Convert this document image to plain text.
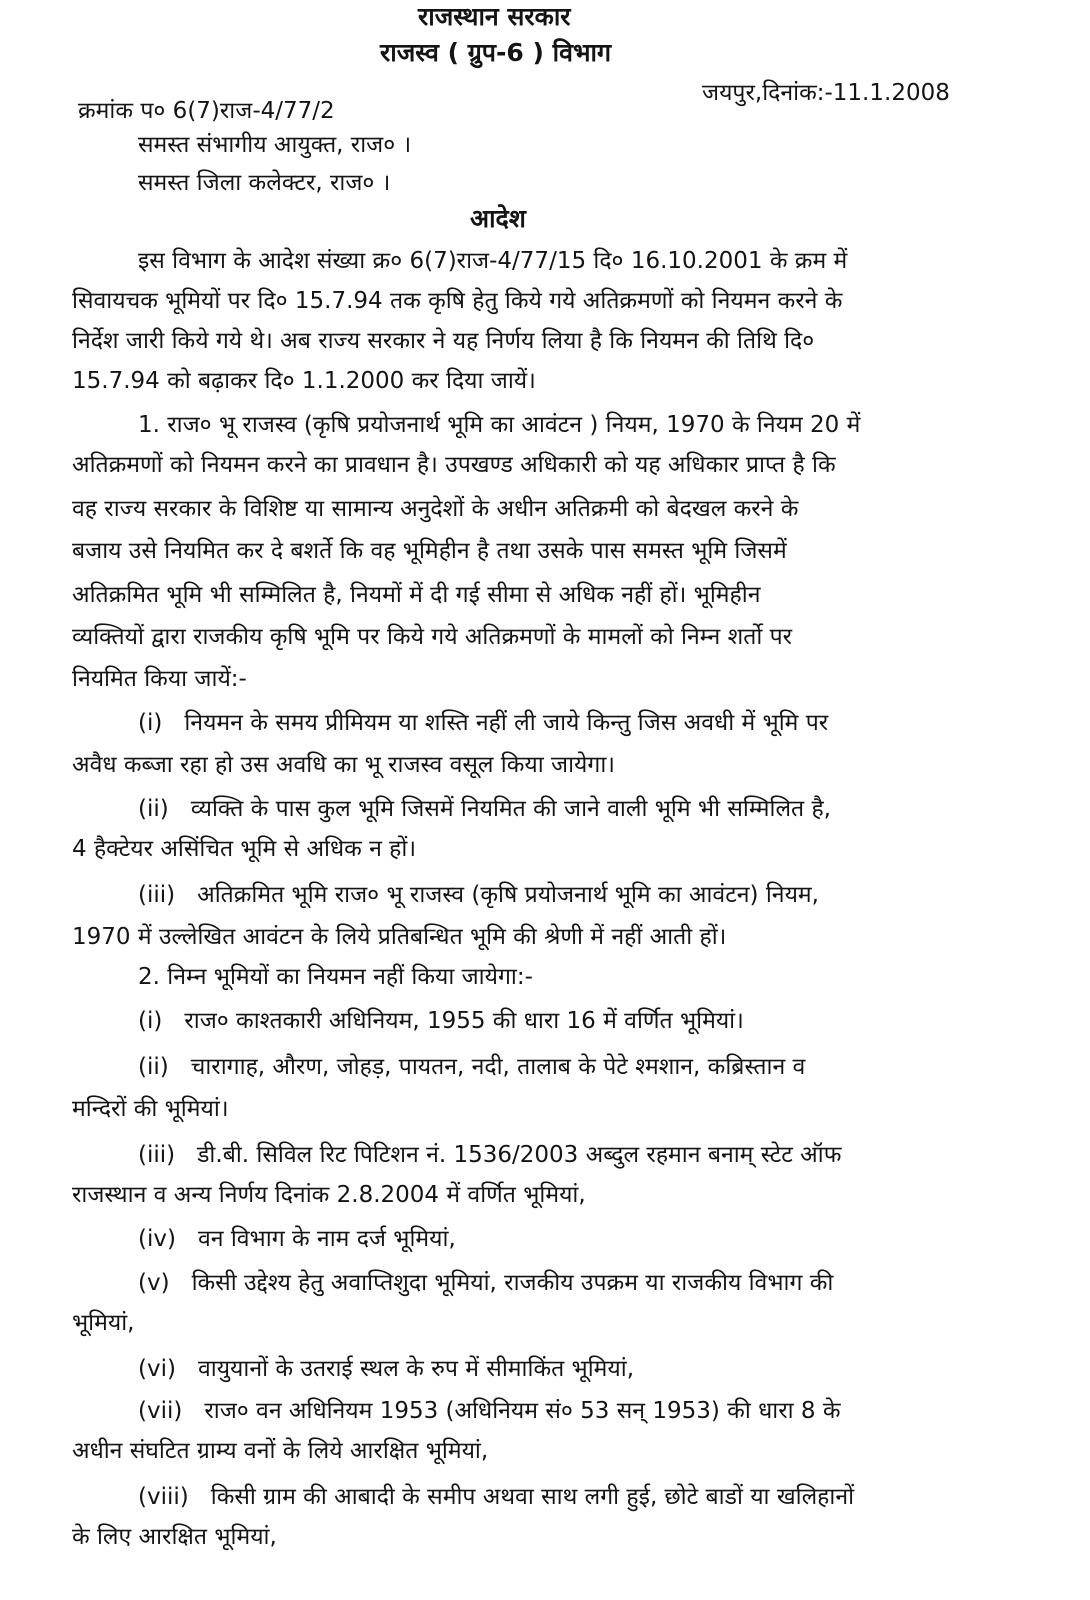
राजस्थान सरकार
राजस्व ( ग्रुप-6 ) विभाग
जयपुर,दिनांक:-11.1.2008
क्रमांक प० 6(7)राज-4/77/2
समस्त संभागीय आयुक्त, राज० ।
समस्त जिला कलेक्टर, राज० ।
आदेश
इस विभाग के आदेश संख्या क्र० 6(7)राज-4/77/15 दि० 16.10.2001 के क्रम में
सिवायचक भूमियों पर दि० 15.7.94 तक कृषि हेतु किये गये अतिक्रमणों को नियमन करने के
निर्देश जारी किये गये थे। अब राज्य सरकार ने यह निर्णय लिया है कि नियमन की तिथि दि०
15.7.94 को बढ़ाकर दि० 1.1.2000 कर दिया जायें।
1. राज० भू राजस्व (कृषि प्रयोजनार्थ भूमि का आवंटन ) नियम, 1970 के नियम 20 में
अतिक्रमणों को नियमन करने का प्रावधान है। उपखण्ड अधिकारी को यह अधिकार प्राप्त है कि
वह राज्य सरकार के विशिष्ट या सामान्य अनुदेशों के अधीन अतिक्रमी को बेदखल करने के
बजाय उसे नियमित कर दे बशर्ते कि वह भूमिहीन है तथा उसके पास समस्त भूमि जिसमें
अतिक्रमित भूमि भी सम्मिलित है, नियमों में दी गई सीमा से अधिक नहीं हों। भूमिहीन
व्यक्तियों द्वारा राजकीय कृषि भूमि पर किये गये अतिक्रमणों के मामलों को निम्न शर्तो पर
नियमित किया जायें:-
(i) नियमन के समय प्रीमियम या शस्ति नहीं ली जाये किन्तु जिस अवधी में भूमि पर
अवैध कब्जा रहा हो उस अवधि का भू राजस्व वसूल किया जायेगा।
(ii) व्यक्ति के पास कुल भूमि जिसमें नियमित की जाने वाली भूमि भी सम्मिलित है,
4 हैक्टेयर असिंचित भूमि से अधिक न हों।
(iii) अतिक्रमित भूमि राज० भू राजस्व (कृषि प्रयोजनार्थ भूमि का आवंटन) नियम,
1970 में उल्लेखित आवंटन के लिये प्रतिबन्धित भूमि की श्रेणी में नहीं आती हों।
2. निम्न भूमियों का नियमन नहीं किया जायेगा:-
(i) राज० काश्तकारी अधिनियम, 1955 की धारा 16 में वर्णित भूमियां।
(ii) चारागाह, औरण, जोहड़, पायतन, नदी, तालाब के पेटे श्मशान, कब्रिस्तान व
मन्दिरों की भूमियां।
(iii) डी.बी. सिविल रिट पिटिशन नं. 1536/2003 अब्दुल रहमान बनाम् स्टेट ऑफ
राजस्थान व अन्य निर्णय दिनांक 2.8.2004 में वर्णित भूमियां,
(iv) वन विभाग के नाम दर्ज भूमियां,
(v) किसी उद्देश्य हेतु अवाप्तिशुदा भूमियां, राजकीय उपक्रम या राजकीय विभाग की
भूमियां,
(vi) वायुयानों के उतराई स्थल के रुप में सीमाकिंत भूमियां,
(vii) राज० वन अधिनियम 1953 (अधिनियम सं० 53 सन् 1953) की धारा 8 के
अधीन संघटित ग्राम्य वनों के लिये आरक्षित भूमियां,
(viii) किसी ग्राम की आबादी के समीप अथवा साथ लगी हुई, छोटे बाडों या खलिहानों
के लिए आरक्षित भूमियां,
